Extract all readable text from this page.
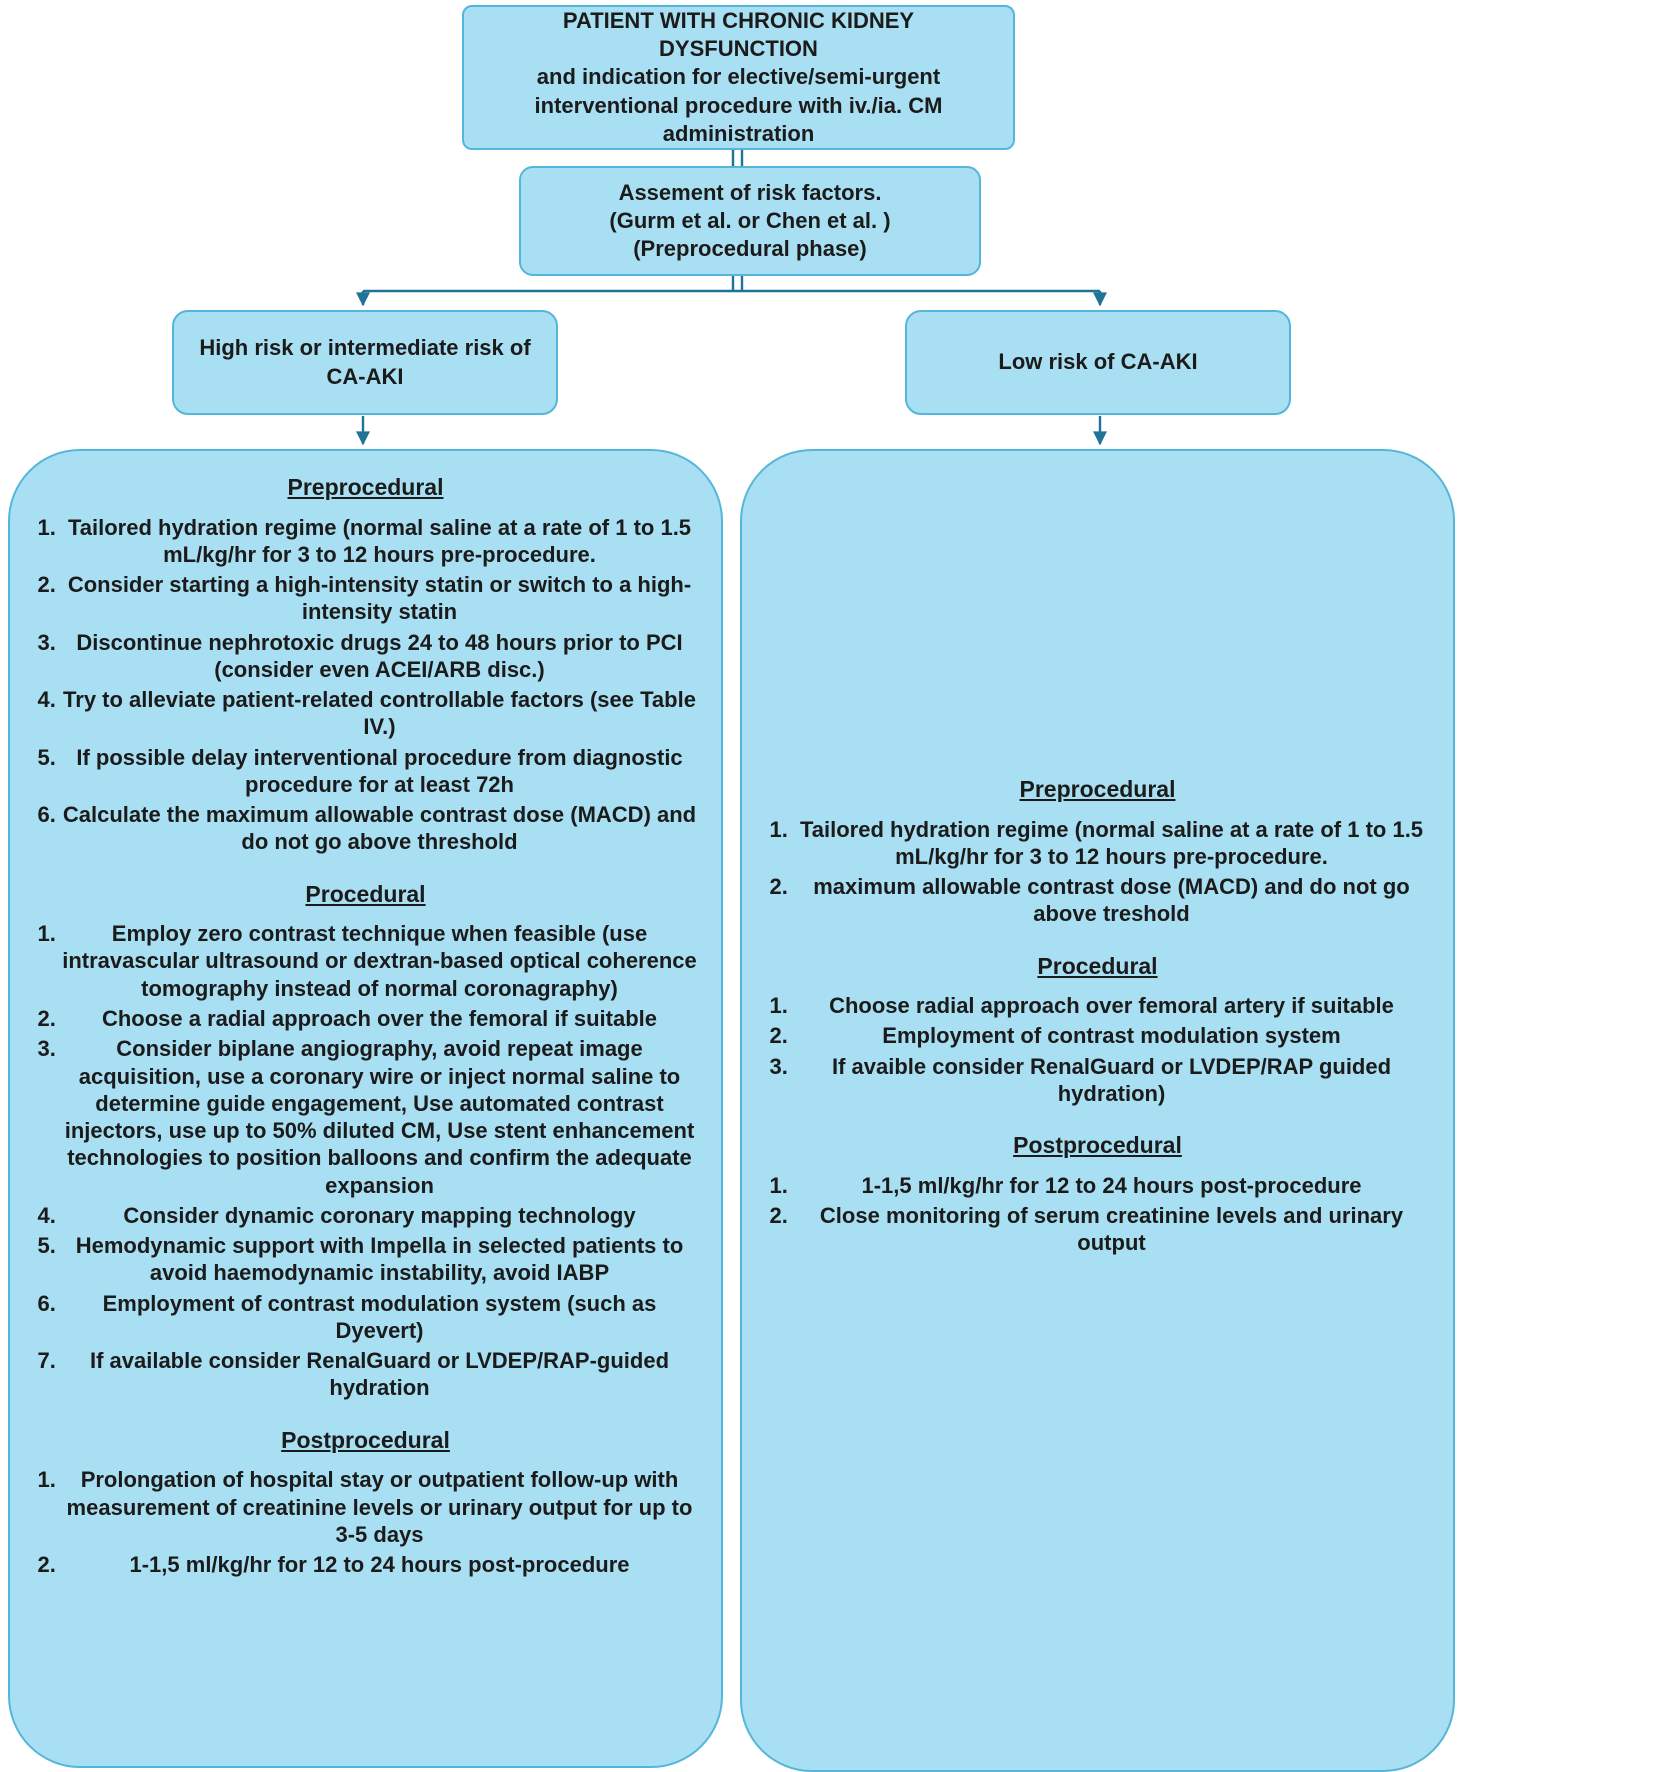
PATIENT WITH CHRONIC KIDNEY DYSFUNCTION
and indication for elective/semi-urgent interventional procedure with iv./ia. CM administration
Assement of risk factors.
(Gurm et al. or Chen et al. )
(Preprocedural phase)
High risk or intermediate risk of CA-AKI
Low risk of CA-AKI
Preprocedural
1. Tailored hydration regime (normal saline at a rate of 1 to 1.5 mL/kg/hr for 3 to 12 hours pre-procedure.
2. Consider starting a high-intensity statin or switch to a high-intensity statin
3. Discontinue nephrotoxic drugs 24 to 48 hours prior to PCI (consider even ACEI/ARB disc.)
4. Try to alleviate patient-related controllable factors (see Table IV.)
5. If possible delay interventional procedure from diagnostic procedure for at least 72h
6. Calculate the maximum allowable contrast dose (MACD) and do not go above threshold
Procedural
1. Employ zero contrast technique when feasible (use intravascular ultrasound or dextran-based optical coherence tomography instead of normal coronagraphy)
2. Choose a radial approach over the femoral if suitable
3. Consider biplane angiography, avoid repeat image acquisition, use a coronary wire or inject normal saline to determine guide engagement, Use automated contrast injectors, use up to 50% diluted CM, Use stent enhancement technologies to position balloons and confirm the adequate expansion
4. Consider dynamic coronary mapping technology
5. Hemodynamic support with Impella in selected patients to avoid haemodynamic instability, avoid IABP
6. Employment of contrast modulation system (such as Dyevert)
7. If available consider RenalGuard or LVDEP/RAP-guided hydration
Postprocedural
1. Prolongation of hospital stay or outpatient follow-up with measurement of creatinine levels or urinary output for up to 3-5 days
2. 1-1,5 ml/kg/hr for 12 to 24 hours post-procedure
Preprocedural
1. Tailored hydration regime (normal saline at a rate of 1 to 1.5 mL/kg/hr for 3 to 12 hours pre-procedure.
2. maximum allowable contrast dose (MACD) and do not go above treshold
Procedural
1. Choose radial approach over femoral artery if suitable
2. Employment of contrast modulation system
3. If avaible consider RenalGuard or LVDEP/RAP guided hydration)
Postprocedural
1. 1-1,5 ml/kg/hr for 12 to 24 hours post-procedure
2. Close monitoring of serum creatinine levels and urinary output
